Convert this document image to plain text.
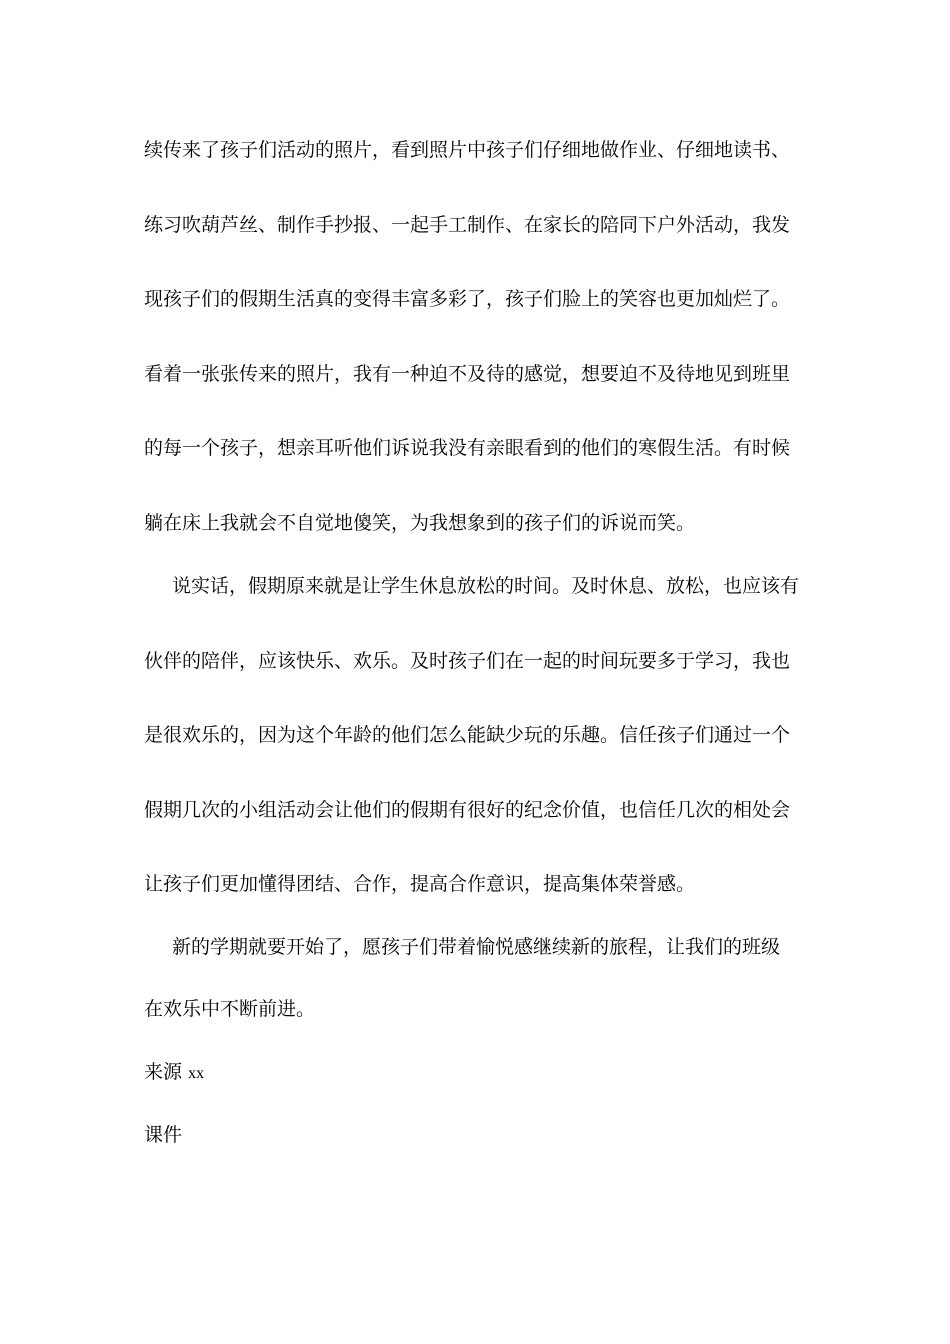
续传来了孩子们活动的照片，看到照片中孩子们仔细地做作业、仔细地读书、
练习吹葫芦丝、制作手抄报、一起手工制作、在家长的陪同下户外活动，我发
现孩子们的假期生活真的变得丰富多彩了，孩子们脸上的笑容也更加灿烂了。
看着一张张传来的照片，我有一种迫不及待的感觉，想要迫不及待地见到班里
的每一个孩子，想亲耳听他们诉说我没有亲眼看到的他们的寒假生活。有时候
躺在床上我就会不自觉地傻笑，为我想象到的孩子们的诉说而笑。
说实话，假期原来就是让学生休息放松的时间。及时休息、放松，也应该有
伙伴的陪伴，应该快乐、欢乐。及时孩子们在一起的时间玩要多于学习，我也
是很欢乐的，因为这个年龄的他们怎么能缺少玩的乐趣。信任孩子们通过一个
假期几次的小组活动会让他们的假期有很好的纪念价值，也信任几次的相处会
让孩子们更加懂得团结、合作，提高合作意识，提高集体荣誉感。
新的学期就要开始了，愿孩子们带着愉悦感继续新的旅程，让我们的班级
在欢乐中不断前进。
来源 xx
课件
